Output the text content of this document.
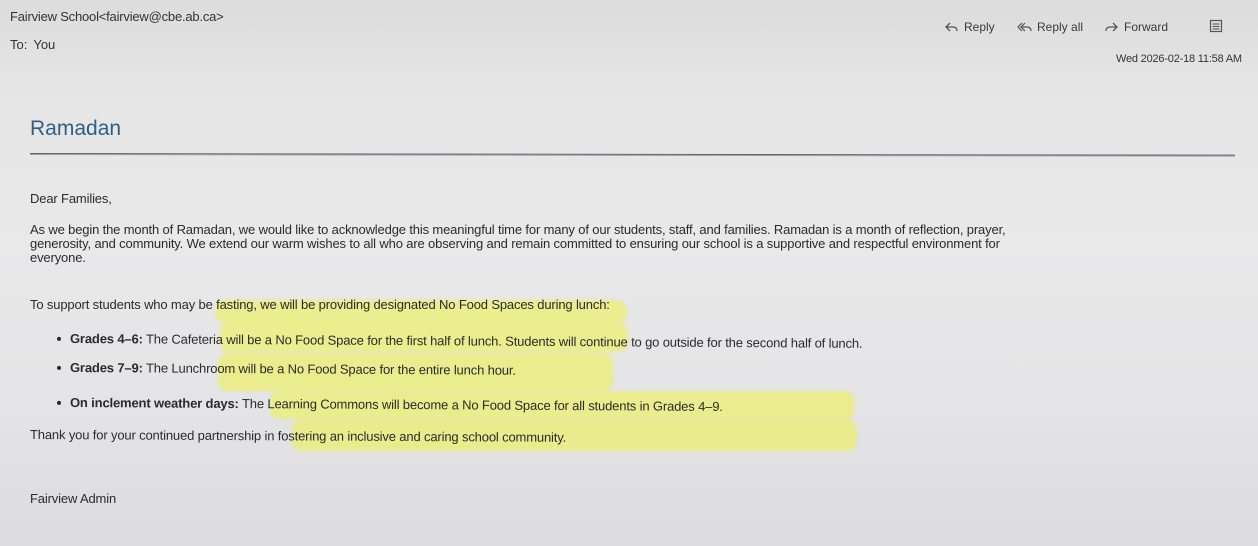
Fairview School<fairview@cbe.ab.ca>
To: You
Reply	Reply all	Forward
Wed 2026-02-18 11:58 AM
Ramadan
Dear Families,
As we begin the month of Ramadan, we would like to acknowledge this meaningful time for many of our students, staff, and families. Ramadan is a month of reflection, prayer,
generosity, and community. We extend our warm wishes to all who are observing and remain committed to ensuring our school is a supportive and respectful environment for
everyone.
To support students who may be fasting, we will be providing designated No Food Spaces during lunch:
Grades 4–6: The Cafeteria will be a No Food Space for the first half of lunch. Students will continue to go outside for the second half of lunch.
Grades 7–9: The Lunchroom will be a No Food Space for the entire lunch hour.
On inclement weather days: The Learning Commons will become a No Food Space for all students in Grades 4–9.
Thank you for your continued partnership in fostering an inclusive and caring school community.
Fairview Admin
